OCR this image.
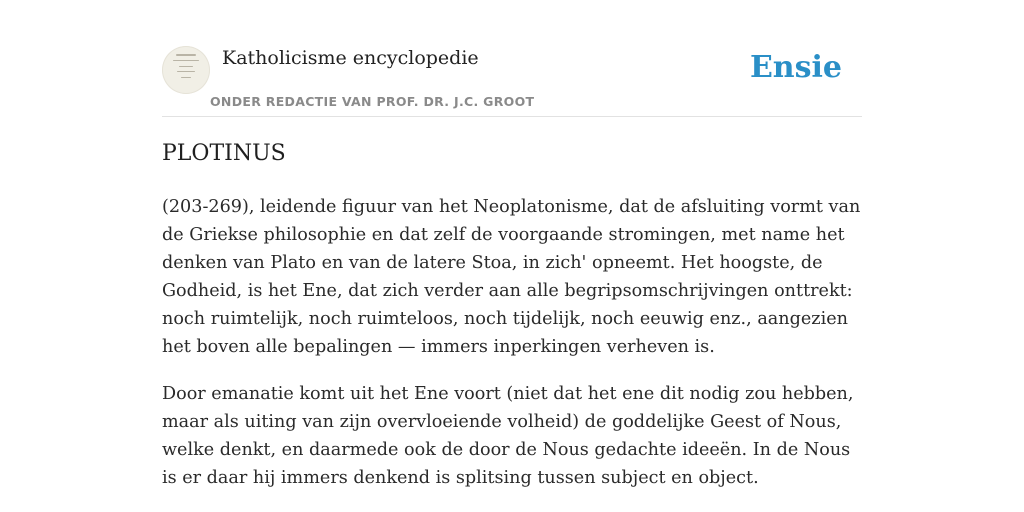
Katholicisme encyclopedie
ONDER REDACTIE VAN PROF. DR. J.C. GROOT
Ensie
PLOTINUS

(203-269), leidende figuur van het Neoplatonisme, dat de afsluiting vormt van de Griekse philosophie en dat zelf de voorgaande stromingen, met name het denken van Plato en van de latere Stoa, in zich' opneemt. Het hoogste, de Godheid, is het Ene, dat zich verder aan alle begripsomschrijvingen onttrekt: noch ruimtelijk, noch ruimteloos, noch tijdelijk, noch eeuwig enz., aangezien het boven alle bepalingen — immers inperkingen verheven is.

Door emanatie komt uit het Ene voort (niet dat het ene dit nodig zou hebben, maar als uiting van zijn overvloeiende volheid) de goddelijke Geest of Nous, welke denkt, en daarmede ook de door de Nous gedachte ideeën. In de Nous is er daar hij immers denkend is splitsing tussen subject en object.
